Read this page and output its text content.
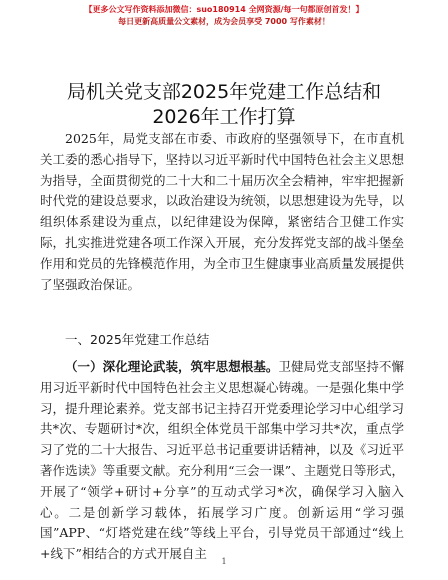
【更多公文写作资料添加微信：suo180914 全网资源/每一句都原创首发！】
每日更新高质量公文素材，成为会员享受 7000 写作素材！
局机关党支部2025年党建工作总结和2026年工作打算
2025年，局党支部在市委、市政府的坚强领导下，在市直机关工委的悉心指导下，坚持以习近平新时代中国特色社会主义思想为指导，全面贯彻党的二十大和二十届历次全会精神，牢牢把握新时代党的建设总要求，以政治建设为统领，以思想建设为先导，以组织体系建设为重点，以纪律建设为保障，紧密结合卫健工作实际，扎实推进党建各项工作深入开展，充分发挥党支部的战斗堡垒作用和党员的先锋模范作用，为全市卫生健康事业高质量发展提供了坚强政治保证。
一、2025年党建工作总结
（一）深化理论武装，筑牢思想根基。卫健局党支部坚持不懈用习近平新时代中国特色社会主义思想凝心铸魂。一是强化集中学习，提升理论素养。党支部书记主持召开党委理论学习中心组学习共*次、专题研讨*次，组织全体党员干部集中学习共*次，重点学习了党的二十大报告、习近平总书记重要讲话精神，以及《习近平著作选读》等重要文献。充分利用“三会一课”、主题党日等形式，开展了“领学+研讨+分享”的互动式学习*次，确保学习入脑入心。二是创新学习载体，拓展学习广度。创新运用“学习强国”APP、“灯塔党建在线”等线上平台，引导党员干部通过“线上+线下”相结合的方式开展自主
1
